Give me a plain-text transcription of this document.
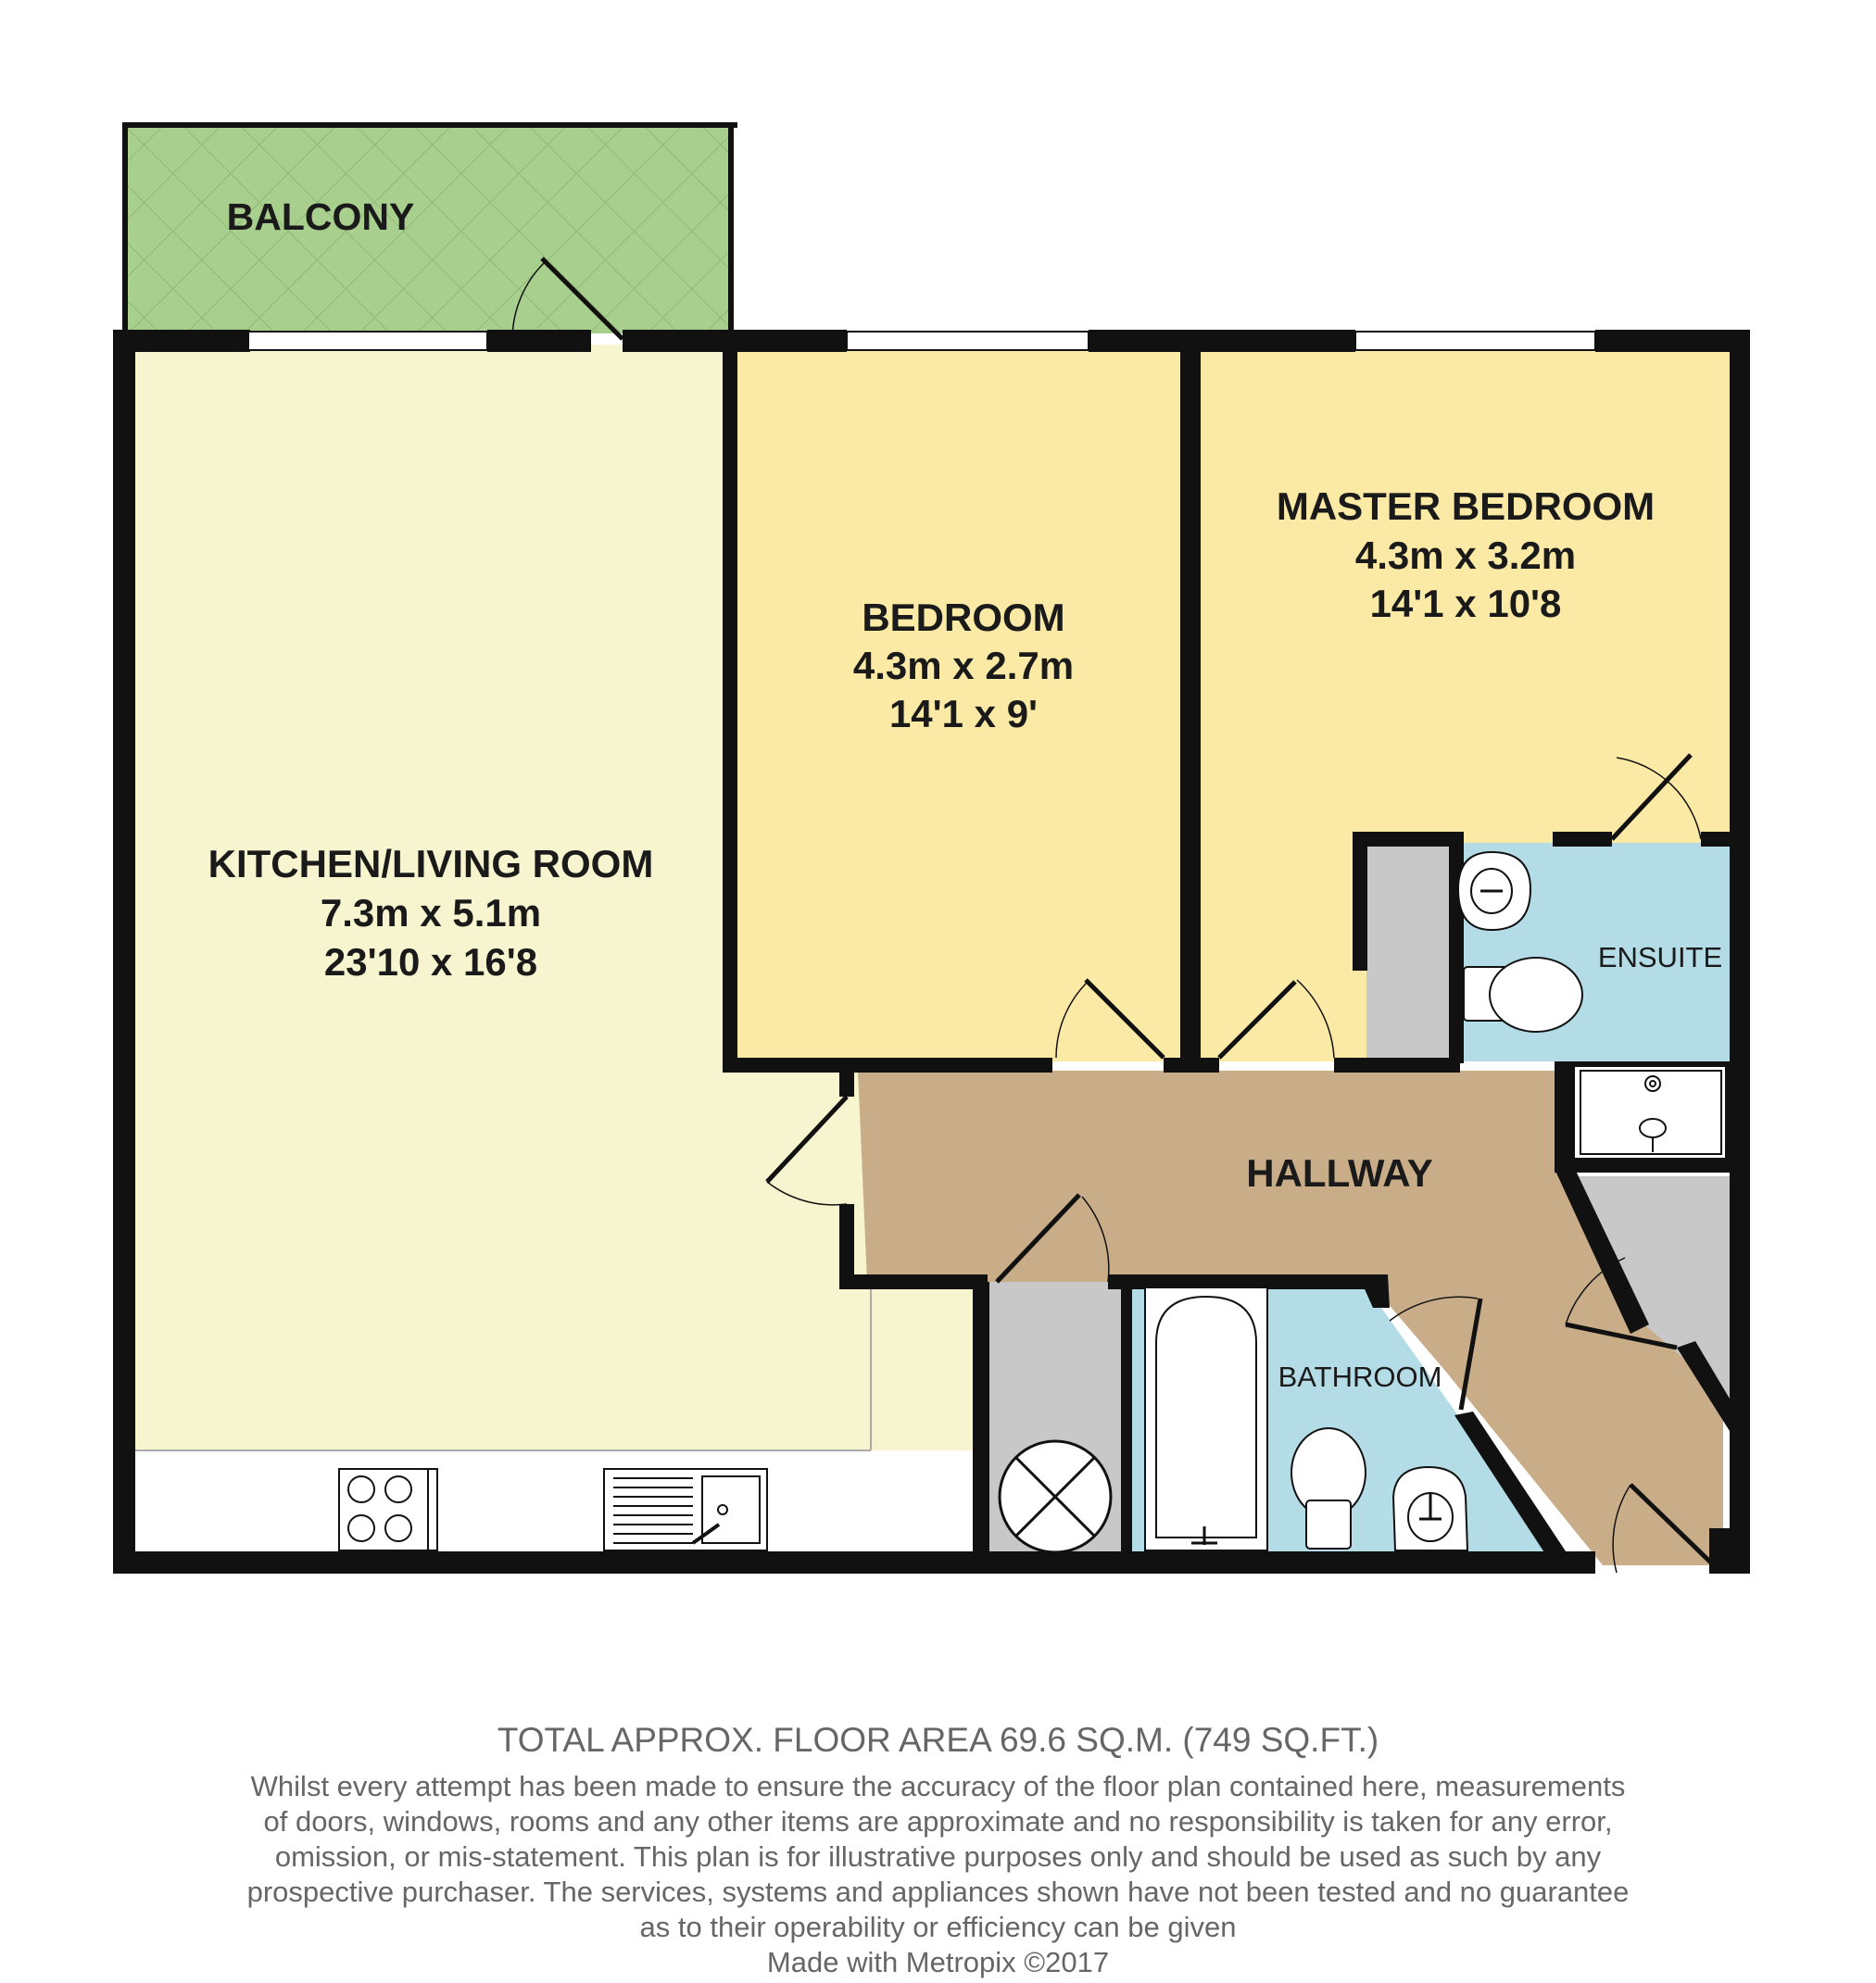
BALCONY
KITCHEN/LIVING ROOM
7.3m x 5.1m
23'10 x 16'8
BEDROOM
4.3m x 2.7m
14'1 x 9'
MASTER BEDROOM
4.3m x 3.2m
14'1 x 10'8
ENSUITE
HALLWAY
BATHROOM
TOTAL APPROX. FLOOR AREA 69.6 SQ.M. (749 SQ.FT.)
Whilst every attempt has been made to ensure the accuracy of the floor plan contained here, measurements
of doors, windows, rooms and any other items are approximate and no responsibility is taken for any error,
omission, or mis-statement. This plan is for illustrative purposes only and should be used as such by any
prospective purchaser. The services, systems and appliances shown have not been tested and no guarantee
as to their operability or efficiency can be given
Made with Metropix ©2017
